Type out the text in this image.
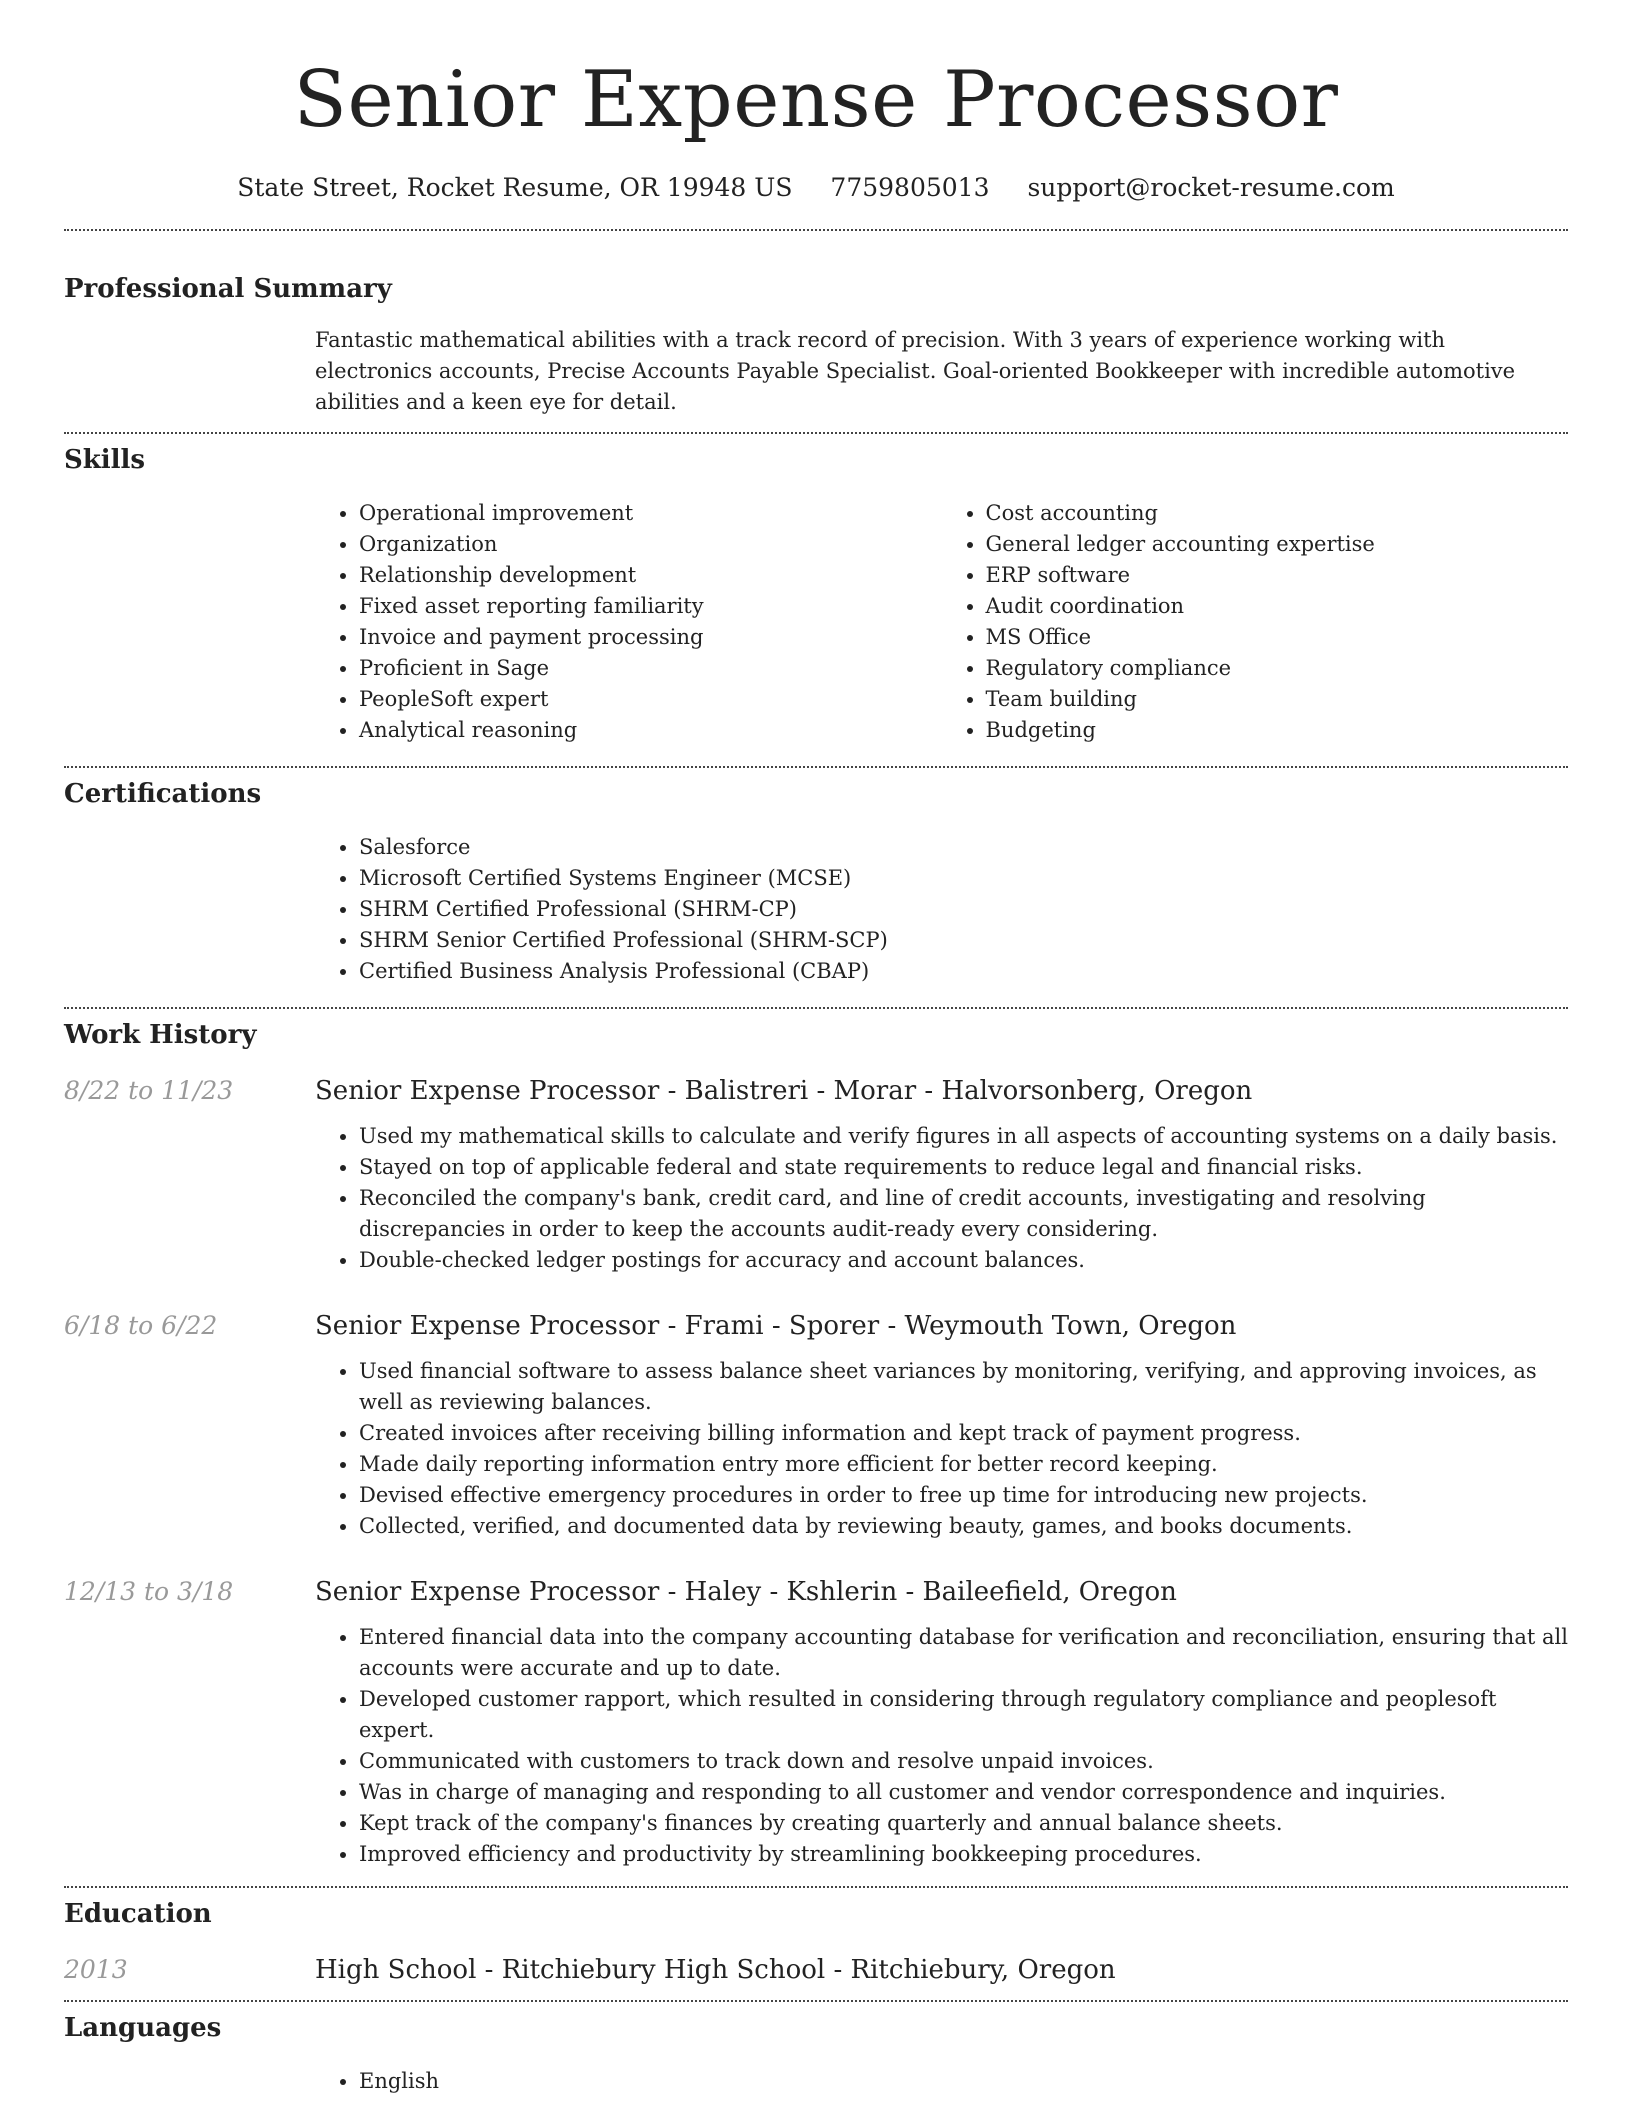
Senior Expense Processor
State Street, Rocket Resume, OR 19948 US 7759805013 support@rocket-resume.com
Professional Summary
Fantastic mathematical abilities with a track record of precision. With 3 years of experience working with electronics accounts, Precise Accounts Payable Specialist. Goal-oriented Bookkeeper with incredible automotive abilities and a keen eye for detail.
Skills
• Operational improvement
• Organization
• Relationship development
• Fixed asset reporting familiarity
• Invoice and payment processing
• Proficient in Sage
• PeopleSoft expert
• Analytical reasoning
• Cost accounting
• General ledger accounting expertise
• ERP software
• Audit coordination
• MS Office
• Regulatory compliance
• Team building
• Budgeting
Certifications
• Salesforce
• Microsoft Certified Systems Engineer (MCSE)
• SHRM Certified Professional (SHRM-CP)
• SHRM Senior Certified Professional (SHRM-SCP)
• Certified Business Analysis Professional (CBAP)
Work History
8/22 to 11/23	Senior Expense Processor - Balistreri - Morar - Halvorsonberg, Oregon
• Used my mathematical skills to calculate and verify figures in all aspects of accounting systems on a daily basis.
• Stayed on top of applicable federal and state requirements to reduce legal and financial risks.
• Reconciled the company's bank, credit card, and line of credit accounts, investigating and resolving discrepancies in order to keep the accounts audit-ready every considering.
• Double-checked ledger postings for accuracy and account balances.
6/18 to 6/22	Senior Expense Processor - Frami - Sporer - Weymouth Town, Oregon
• Used financial software to assess balance sheet variances by monitoring, verifying, and approving invoices, as well as reviewing balances.
• Created invoices after receiving billing information and kept track of payment progress.
• Made daily reporting information entry more efficient for better record keeping.
• Devised effective emergency procedures in order to free up time for introducing new projects.
• Collected, verified, and documented data by reviewing beauty, games, and books documents.
12/13 to 3/18	Senior Expense Processor - Haley - Kshlerin - Baileefield, Oregon
• Entered financial data into the company accounting database for verification and reconciliation, ensuring that all accounts were accurate and up to date.
• Developed customer rapport, which resulted in considering through regulatory compliance and peoplesoft expert.
• Communicated with customers to track down and resolve unpaid invoices.
• Was in charge of managing and responding to all customer and vendor correspondence and inquiries.
• Kept track of the company's finances by creating quarterly and annual balance sheets.
• Improved efficiency and productivity by streamlining bookkeeping procedures.
Education
2013	High School - Ritchiebury High School - Ritchiebury, Oregon
Languages
• English
